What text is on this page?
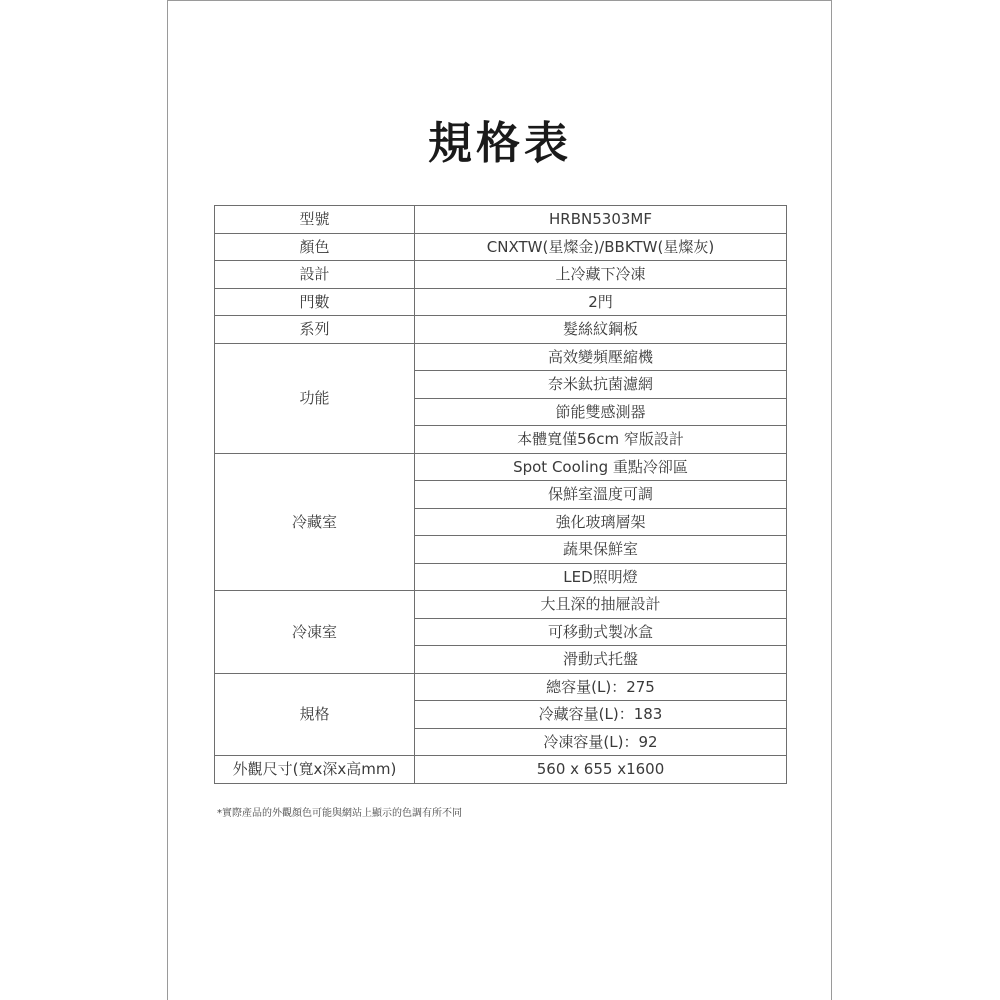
規格表
型號	HRBN5303MF
顏色	CNXTW(星燦金)/BBKTW(星燦灰)
設計	上冷藏下冷凍
門數	2門
系列	髮絲紋鋼板
功能	高效變頻壓縮機
	奈米鈦抗菌濾網
	節能雙感測器
	本體寬僅56cm 窄版設計
冷藏室	Spot Cooling 重點冷卻區
	保鮮室溫度可調
	強化玻璃層架
	蔬果保鮮室
	LED照明燈
冷凍室	大且深的抽屜設計
	可移動式製冰盒
	滑動式托盤
規格	總容量(L)：275
	冷藏容量(L)：183
	冷凍容量(L)：92
外觀尺寸(寬x深x高mm)	560 x 655 x1600
*實際產品的外觀顏色可能與網站上顯示的色調有所不同
